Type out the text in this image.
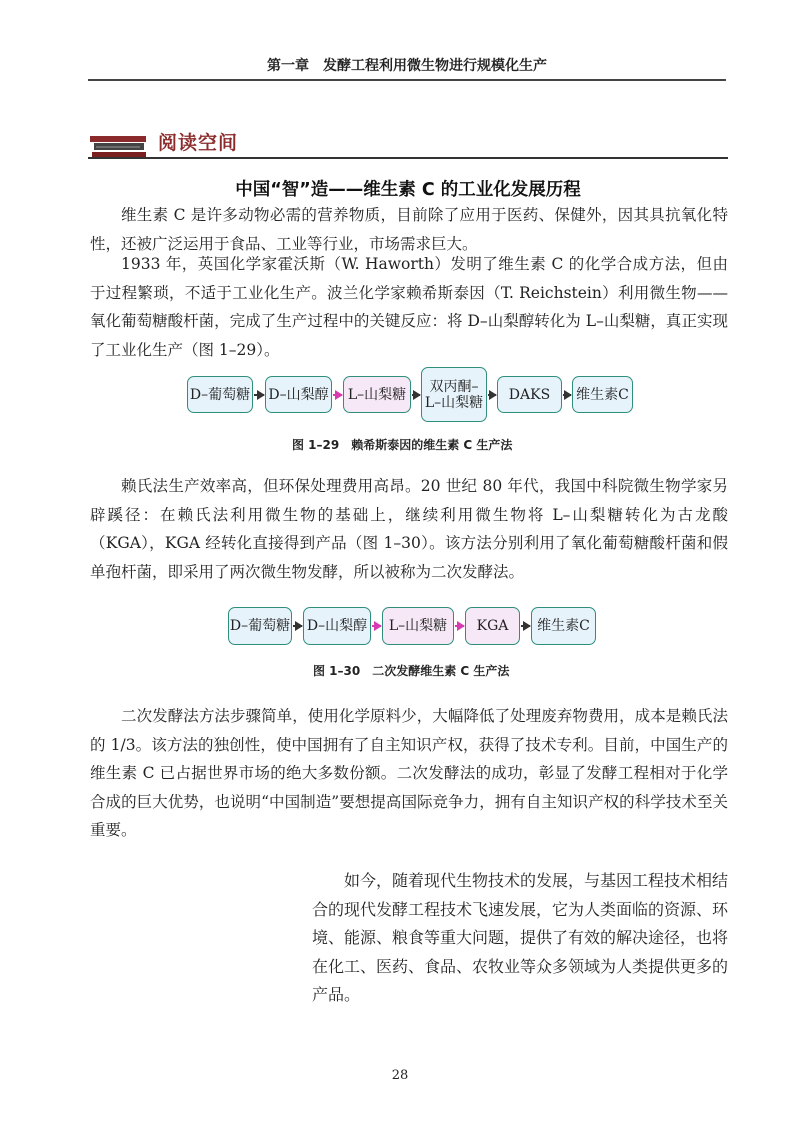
第一章　发酵工程利用微生物进行规模化生产
阅读空间
中国“智”造——维生素 C 的工业化发展历程

维生素 C 是许多动物必需的营养物质，目前除了应用于医药、保健外，因其具抗氧化特性，还被广泛运用于食品、工业等行业，市场需求巨大。

1933 年，英国化学家霍沃斯（W. Haworth）发明了维生素 C 的化学合成方法，但由于过程繁琐，不适于工业化生产。波兰化学家赖希斯泰因（T. Reichstein）利用微生物——氧化葡萄糖酸杆菌，完成了生产过程中的关键反应：将 D–山梨醇转化为 L–山梨糖，真正实现了工业化生产（图 1–29）。

D–葡萄糖 D–山梨醇	L–山梨糖	双丙酮–
L–山梨糖	DAKS	维生素C
图 1–29　赖希斯泰因的维生素 C 生产法

赖氏法生产效率高，但环保处理费用高昂。20 世纪 80 年代，我国中科院微生物学家另辟蹊径：在赖氏法利用微生物的基础上，继续利用微生物将 L–山梨糖转化为古龙酸（KGA），KGA 经转化直接得到产品（图 1–30）。该方法分别利用了氧化葡萄糖酸杆菌和假单孢杆菌，即采用了两次微生物发酵，所以被称为二次发酵法。

D–葡萄糖 D–山梨醇	L–山梨糖	KGA	维生素C
图 1–30　二次发酵维生素 C 生产法

二次发酵法方法步骤简单，使用化学原料少，大幅降低了处理废弃物费用，成本是赖氏法的 1/3。该方法的独创性，使中国拥有了自主知识产权，获得了技术专利。目前，中国生产的维生素 C 已占据世界市场的绝大多数份额。二次发酵法的成功，彰显了发酵工程相对于化学合成的巨大优势，也说明“中国制造”要想提高国际竞争力，拥有自主知识产权的科学技术至关重要。

如今，随着现代生物技术的发展，与基因工程技术相结合的现代发酵工程技术飞速发展，它为人类面临的资源、环境、能源、粮食等重大问题，提供了有效的解决途径，也将在化工、医药、食品、农牧业等众多领域为人类提供更多的产品。

28
